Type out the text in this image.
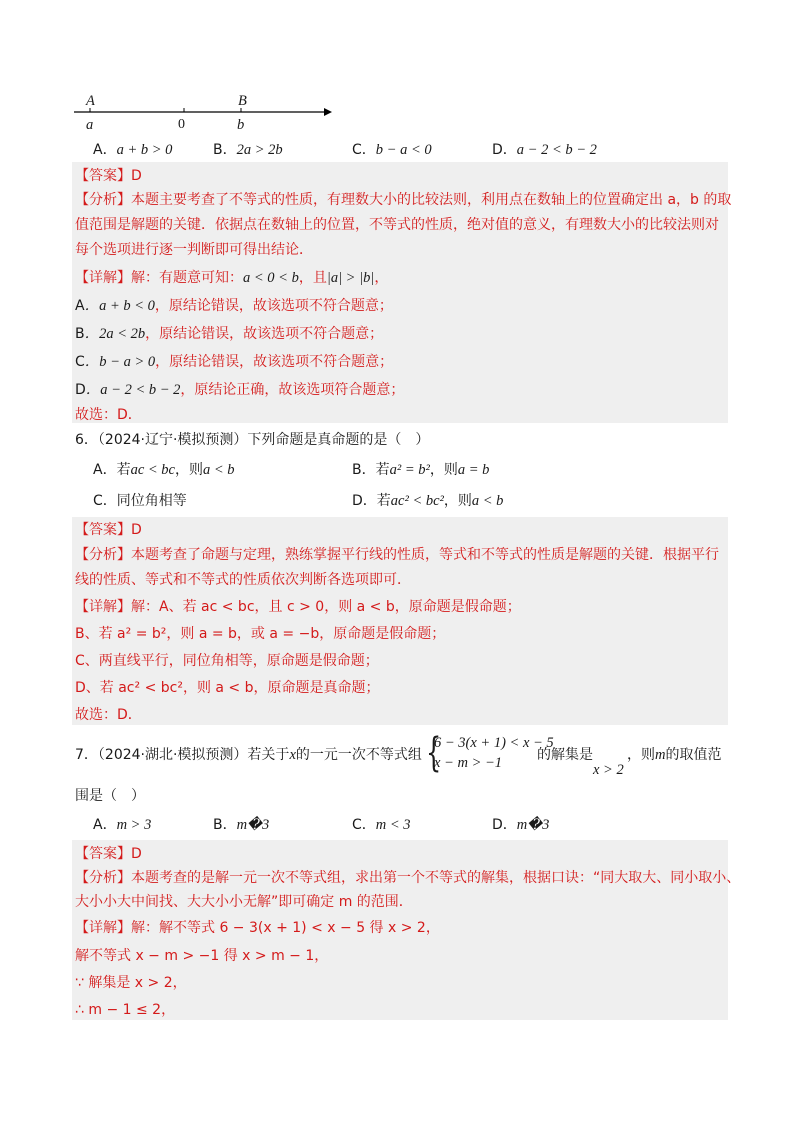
A	B
a	0	b
A．a + b > 0	B．2a > 2b	C．b − a < 0	D．a − 2 < b − 2
【答案】D
【分析】本题主要考查了不等式的性质，有理数大小的比较法则，利用点在数轴上的位置确定出 a，b 的取
值范围是解题的关键．依据点在数轴上的位置，不等式的性质，绝对值的意义，有理数大小的比较法则对
每个选项进行逐一判断即可得出结论．
【详解】解：有题意可知：a < 0 < b，且|a| > |b|，
A．a + b < 0，原结论错误，故该选项不符合题意；
B．2a < 2b，原结论错误，故该选项不符合题意；
C．b − a > 0，原结论错误，故该选项不符合题意；
D．a − 2 < b − 2，原结论正确，故该选项符合题意；
故选：D．
6．（2024·辽宁·模拟预测）下列命题是真命题的是（　）
A．若ac < bc，则a < b	B．若a² = b²，则a = b
C．同位角相等	D．若ac² < bc²，则a < b
【答案】D
【分析】本题考查了命题与定理，熟练掌握平行线的性质，等式和不等式的性质是解题的关键．根据平行
线的性质、等式和不等式的性质依次判断各选项即可．
【详解】解：A、若 ac < bc，且 c > 0，则 a < b，原命题是假命题；
B、若 a² = b²，则 a = b，或 a = −b，原命题是假命题；
C、两直线平行，同位角相等，原命题是假命题；
D、若 ac² < bc²，则 a < b，原命题是真命题；
故选：D．
7．（2024·湖北·模拟预测）若关于x的一元一次不等式组 {
6 − 3(x + 1) < x − 5
x − m > −1 的解集是
x > 2
，则m的取值范
围是（　）
A．m > 3	B．m�3	C．m < 3	D．m�3
【答案】D
【分析】本题考查的是解一元一次不等式组，求出第一个不等式的解集，根据口诀：“同大取大、同小取小、
大小小大中间找、大大小小无解”即可确定 m 的范围．
【详解】解：解不等式 6 − 3(x + 1) < x − 5 得 x > 2，
解不等式 x − m > −1 得 x > m − 1，
∵ 解集是 x > 2，
∴ m − 1 ≤ 2，
